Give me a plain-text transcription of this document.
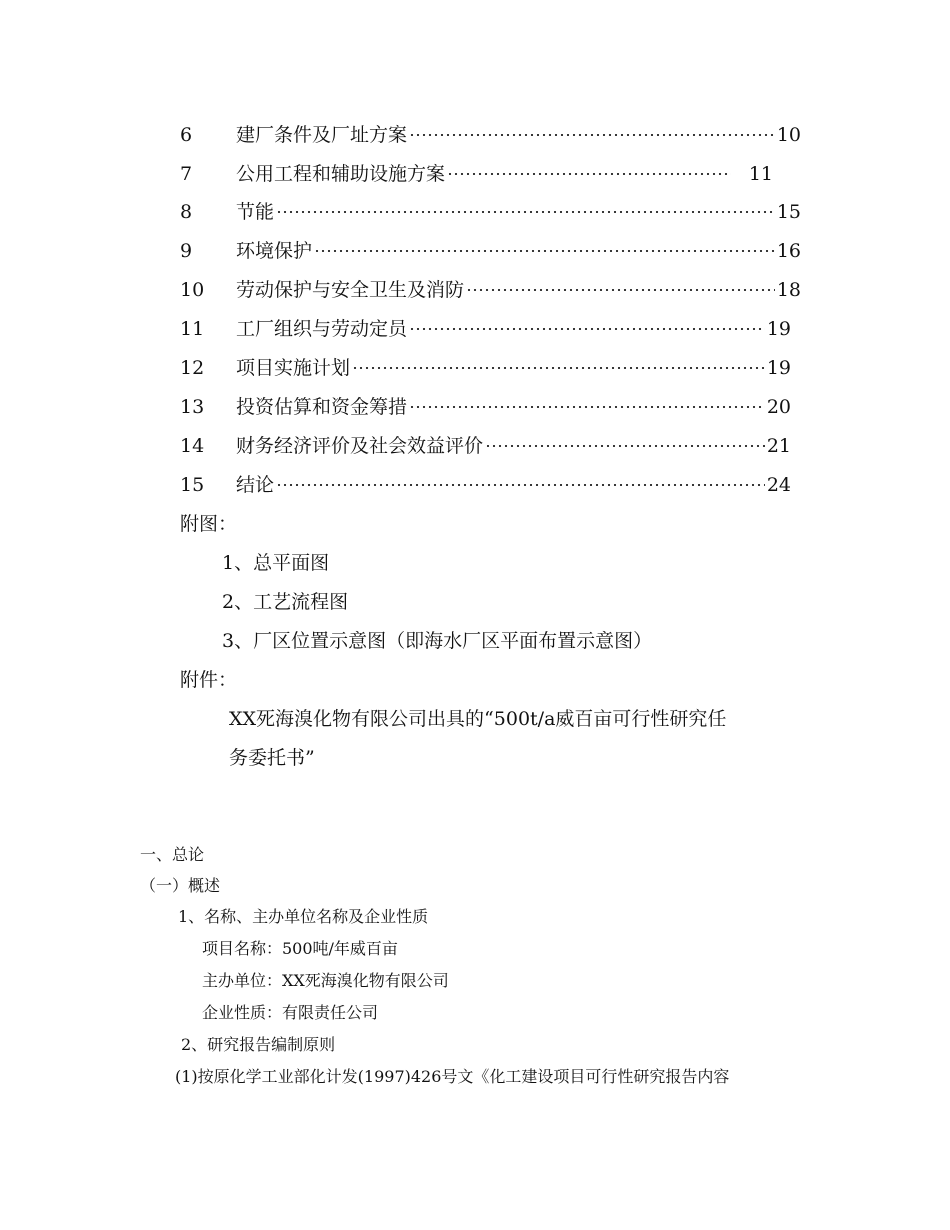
6	建厂条件及厂址方案	10
7	公用工程和辅助设施方案	11
8	节能	15
9	环境保护	16
10	劳动保护与安全卫生及消防	18
11	工厂组织与劳动定员	19
12	项目实施计划	19
13	投资估算和资金筹措	20
14	财务经济评价及社会效益评价	21
15	结论	24
附图：
1、总平面图
2、工艺流程图
3、厂区位置示意图（即海水厂区平面布置示意图）
附件：
XX死海溴化物有限公司出具的“500t/a威百亩可行性研究任
务委托书”
一、总论
（一）概述
1、名称、主办单位名称及企业性质
项目名称：500吨/年威百亩
主办单位：XX死海溴化物有限公司
企业性质：有限责任公司
2、研究报告编制原则
(1)按原化学工业部化计发(1997)426号文《化工建设项目可行性研究报告内容
